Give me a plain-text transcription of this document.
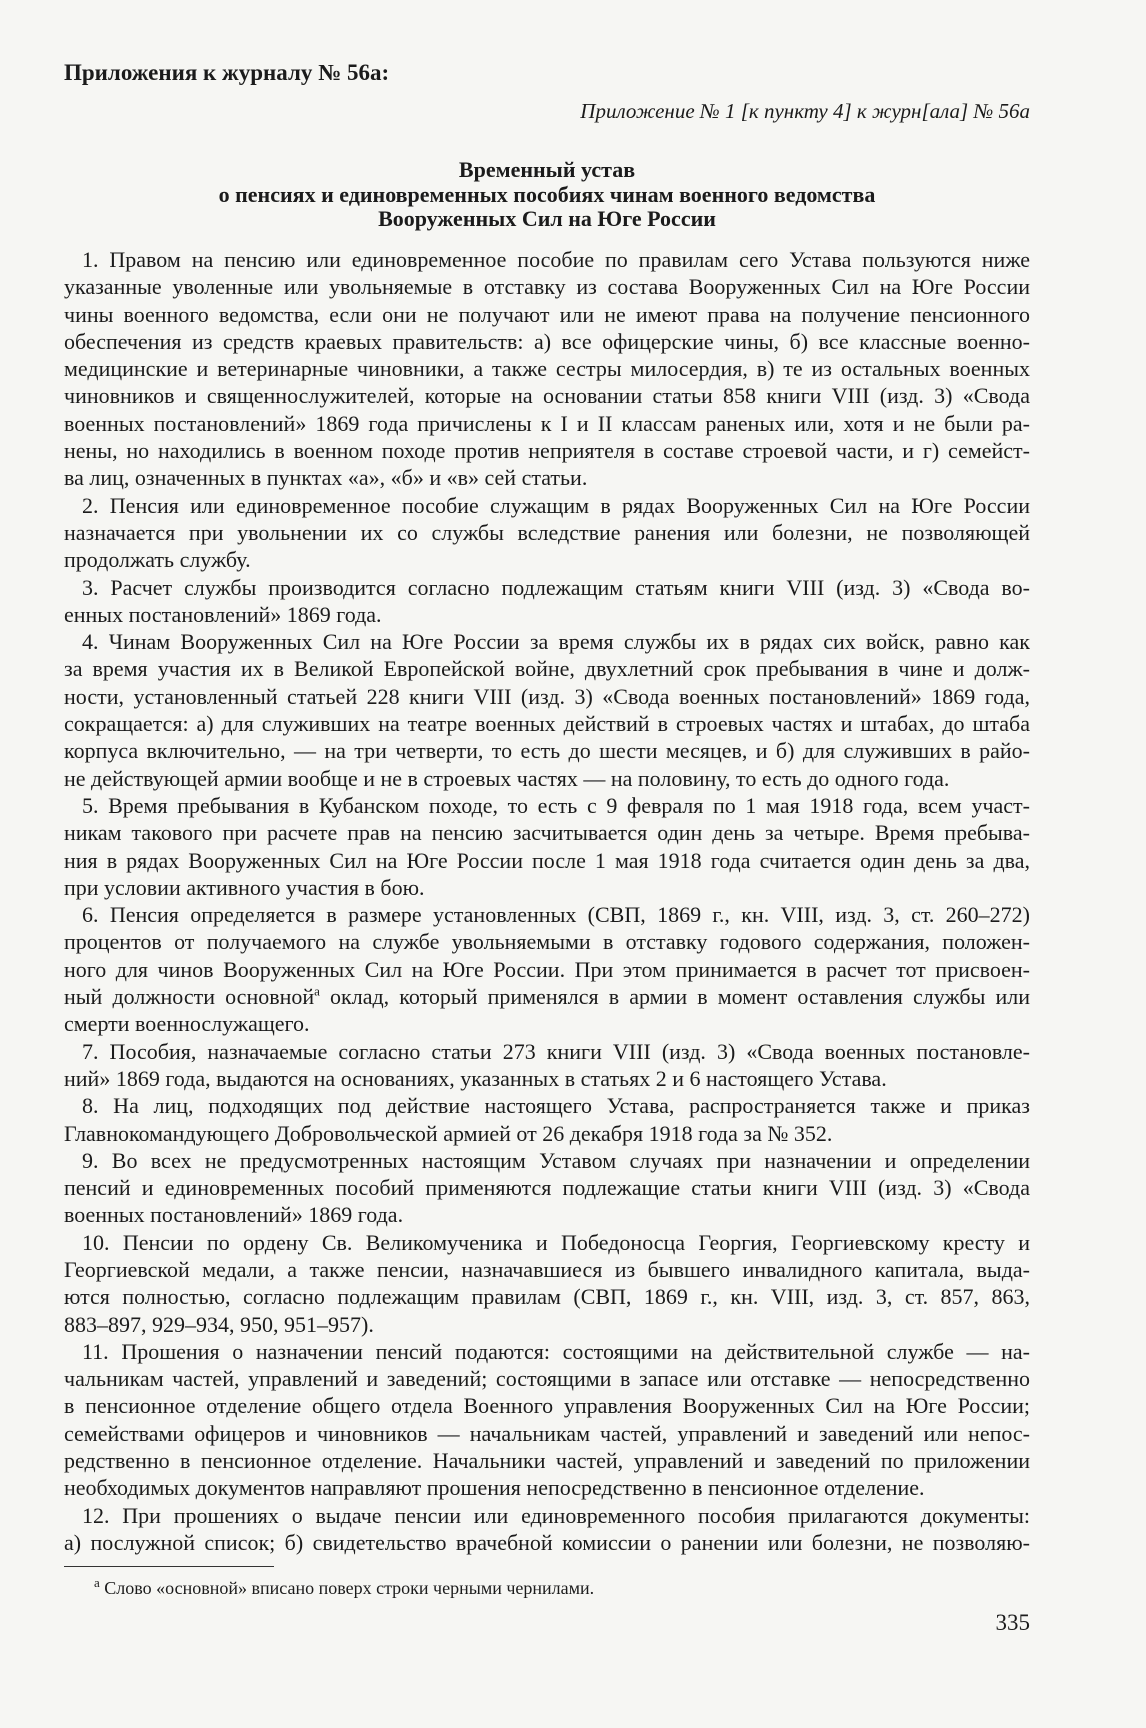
Приложения к журналу № 56а:
Приложение № 1 [к пункту 4] к журн[ала] № 56а
Временный устав
о пенсиях и единовременных пособиях чинам военного ведомства
Вооруженных Сил на Юге России
1. Правом на пенсию или единовременное пособие по правилам сего Устава пользуются ниже
указанные уволенные или увольняемые в отставку из состава Вооруженных Сил на Юге России
чины военного ведомства, если они не получают или не имеют права на получение пенсионного
обеспечения из средств краевых правительств: а) все офицерские чины, б) все классные военно-
медицинские и ветеринарные чиновники, а также сестры милосердия, в) те из остальных военных
чиновников и священнослужителей, которые на основании статьи 858 книги VIII (изд. 3) «Свода
военных постановлений» 1869 года причислены к I и II классам раненых или, хотя и не были ра-
нены, но находились в военном походе против неприятеля в составе строевой части, и г) семейст-
ва лиц, означенных в пунктах «а», «б» и «в» сей статьи.
2. Пенсия или единовременное пособие служащим в рядах Вооруженных Сил на Юге России
назначается при увольнении их со службы вследствие ранения или болезни, не позволяющей
продолжать службу.
3. Расчет службы производится согласно подлежащим статьям книги VIII (изд. 3) «Свода во-
енных постановлений» 1869 года.
4. Чинам Вооруженных Сил на Юге России за время службы их в рядах сих войск, равно как
за время участия их в Великой Европейской войне, двухлетний срок пребывания в чине и долж-
ности, установленный статьей 228 книги VIII (изд. 3) «Свода военных постановлений» 1869 года,
сокращается: а) для служивших на театре военных действий в строевых частях и штабах, до штаба
корпуса включительно, — на три четверти, то есть до шести месяцев, и б) для служивших в райо-
не действующей армии вообще и не в строевых частях — на половину, то есть до одного года.
5. Время пребывания в Кубанском походе, то есть с 9 февраля по 1 мая 1918 года, всем участ-
никам такового при расчете прав на пенсию засчитывается один день за четыре. Время пребыва-
ния в рядах Вооруженных Сил на Юге России после 1 мая 1918 года считается один день за два,
при условии активного участия в бою.
6. Пенсия определяется в размере установленных (СВП, 1869 г., кн. VIII, изд. 3, ст. 260–272)
процентов от получаемого на службе увольняемыми в отставку годового содержания, положен-
ного для чинов Вооруженных Сил на Юге России. При этом принимается в расчет тот присвоен-
ный должности основной$^а$ оклад, который применялся в армии в момент оставления службы или
смерти военнослужащего.
7. Пособия, назначаемые согласно статьи 273 книги VIII (изд. 3) «Свода военных постановле-
ний» 1869 года, выдаются на основаниях, указанных в статьях 2 и 6 настоящего Устава.
8. На лиц, подходящих под действие настоящего Устава, распространяется также и приказ
Главнокомандующего Добровольческой армией от 26 декабря 1918 года за № 352.
9. Во всех не предусмотренных настоящим Уставом случаях при назначении и определении
пенсий и единовременных пособий применяются подлежащие статьи книги VIII (изд. 3) «Свода
военных постановлений» 1869 года.
10. Пенсии по ордену Св. Великомученика и Победоносца Георгия, Георгиевскому кресту и
Георгиевской медали, а также пенсии, назначавшиеся из бывшего инвалидного капитала, выда-
ются полностью, согласно подлежащим правилам (СВП, 1869 г., кн. VIII, изд. 3, ст. 857, 863,
883–897, 929–934, 950, 951–957).
11. Прошения о назначении пенсий подаются: состоящими на действительной службе — на-
чальникам частей, управлений и заведений; состоящими в запасе или отставке — непосредственно
в пенсионное отделение общего отдела Военного управления Вооруженных Сил на Юге России;
семействами офицеров и чиновников — начальникам частей, управлений и заведений или непос-
редственно в пенсионное отделение. Начальники частей, управлений и заведений по приложении
необходимых документов направляют прошения непосредственно в пенсионное отделение.
12. При прошениях о выдаче пенсии или единовременного пособия прилагаются документы:
а) послужной список; б) свидетельство врачебной комиссии о ранении или болезни, не позволяю-
$^а$ Слово «основной» вписано поверх строки черными чернилами.
335
